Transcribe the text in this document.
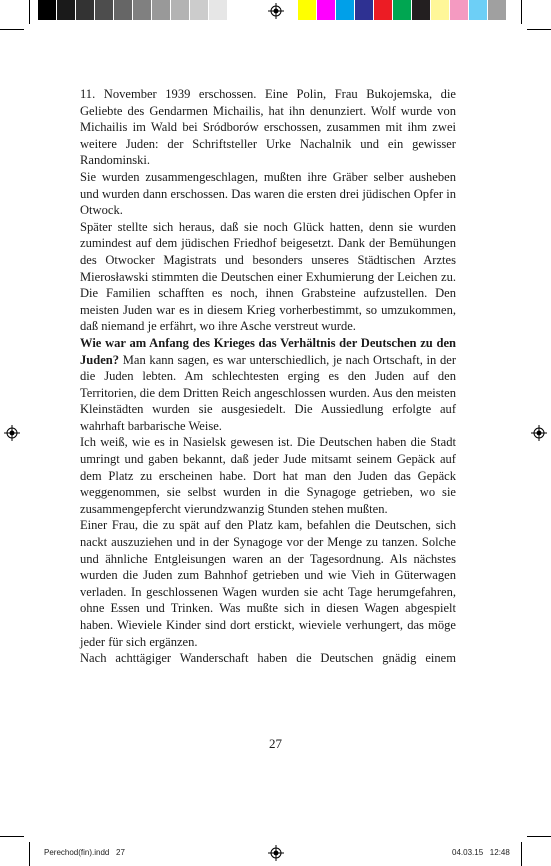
11. November 1939 erschossen. Eine Polin, Frau Bukojemska, die Geliebte des Gendarmen Michailis, hat ihn denunziert. Wolf wurde von Michailis im Wald bei Sródborów erschossen, zusammen mit ihm zwei weitere Juden: der Schriftsteller Urke Nachalnik und ein gewisser Randominski.

Sie wurden zusammengeschlagen, mußten ihre Gräber selber ausheben und wurden dann erschossen. Das waren die ersten drei jüdischen Opfer in Otwock.

Später stellte sich heraus, daß sie noch Glück hatten, denn sie wurden zumindest auf dem jüdischen Friedhof beigesetzt. Dank der Bemühungen des Otwocker Magistrats und besonders unseres Städtischen Arztes Mierosławski stimmten die Deutschen einer Exhumierung der Leichen zu. Die Familien schafften es noch, ihnen Grabsteine aufzustellen. Den meisten Juden war es in diesem Krieg vorherbestimmt, so umzukommen, daß niemand je erfährt, wo ihre Asche verstreut wurde.

Wie war am Anfang des Krieges das Verhältnis der Deutschen zu den Juden? Man kann sagen, es war unterschiedlich, je nach Ortschaft, in der die Juden lebten. Am schlechtesten erging es den Juden auf den Territorien, die dem Dritten Reich angeschlossen wurden. Aus den meisten Kleinstädten wurden sie ausgesiedelt. Die Aussiedlung erfolgte auf wahrhaft barbarische Weise.

Ich weiß, wie es in Nasielsk gewesen ist. Die Deutschen haben die Stadt umringt und gaben bekannt, daß jeder Jude mitsamt seinem Gepäck auf dem Platz zu erscheinen habe. Dort hat man den Juden das Gepäck weggenommen, sie selbst wurden in die Synagoge getrieben, wo sie zusammengepfercht vierundzwanzig Stunden stehen mußten.

Einer Frau, die zu spät auf den Platz kam, befahlen die Deutschen, sich nackt auszuziehen und in der Synagoge vor der Menge zu tanzen. Solche und ähnliche Entgleisungen waren an der Tagesordnung. Als nächstes wurden die Juden zum Bahnhof getrieben und wie Vieh in Güterwagen verladen. In geschlossenen Wagen wurden sie acht Tage herumgefahren, ohne Essen und Trinken. Was mußte sich in diesen Wagen abgespielt haben. Wieviele Kinder sind dort erstickt, wieviele verhungert, das möge jeder für sich ergänzen.

Nach achttägiger Wanderschaft haben die Deutschen gnädig einem

27
Perechod(fin).indd   27	04.03.15   12:48
